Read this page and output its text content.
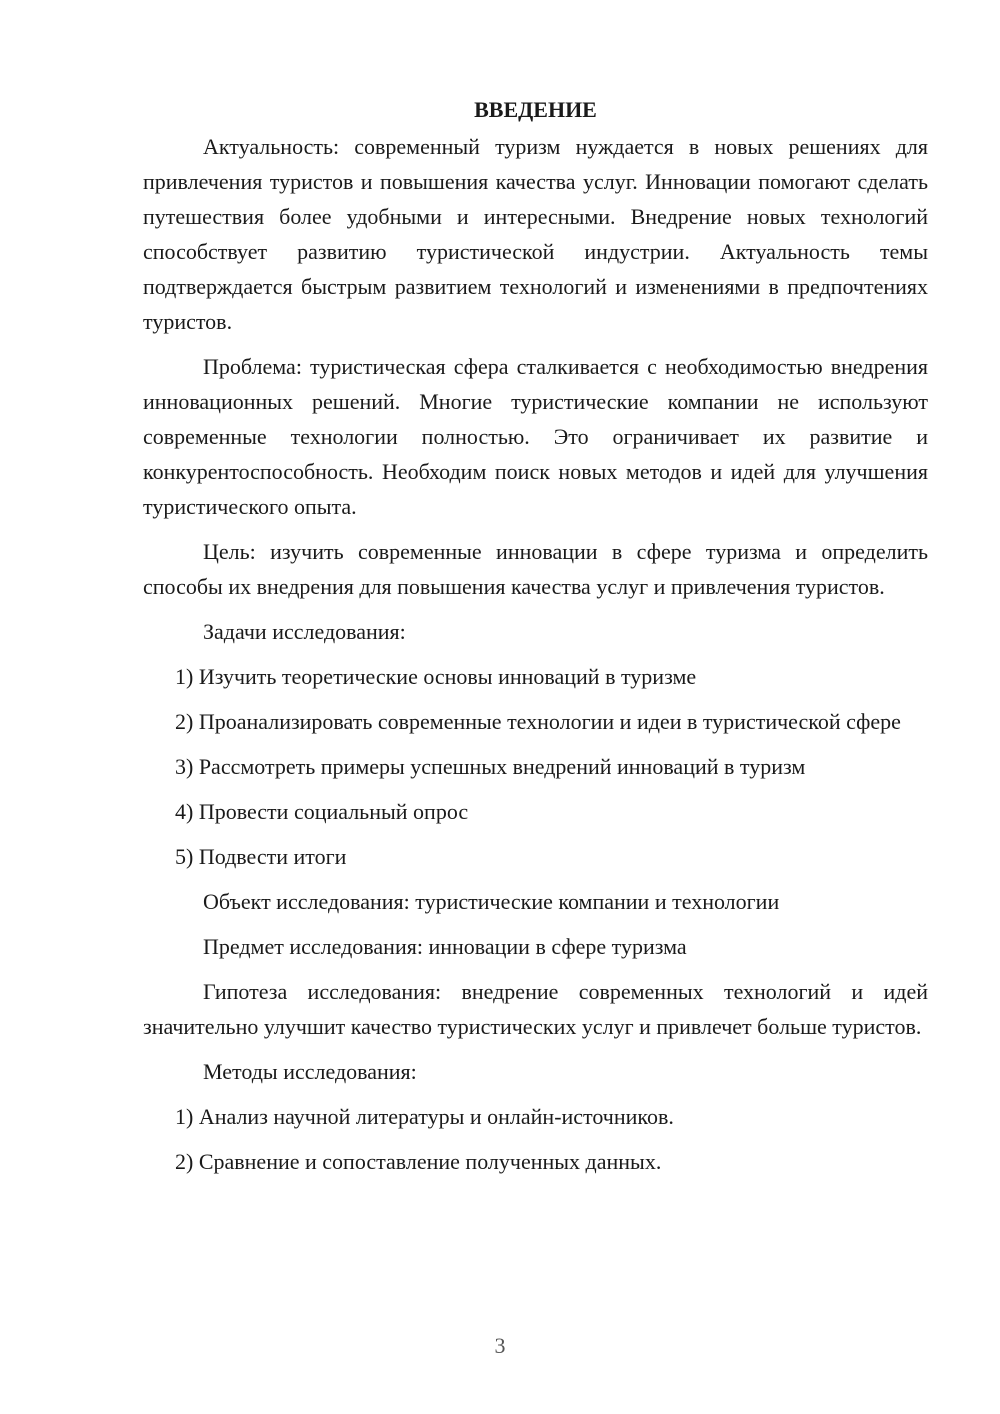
ВВЕДЕНИЕ

Актуальность: современный туризм нуждается в новых решениях для привлечения туристов и повышения качества услуг. Инновации помогают сделать путешествия более удобными и интересными. Внедрение новых технологий способствует развитию туристической индустрии. Актуальность темы подтверждается быстрым развитием технологий и изменениями в предпочтениях туристов.

Проблема: туристическая сфера сталкивается с необходимостью внедрения инновационных решений. Многие туристические компании не используют современные технологии полностью. Это ограничивает их развитие и конкурентоспособность. Необходим поиск новых методов и идей для улучшения туристического опыта.

Цель: изучить современные инновации в сфере туризма и определить способы их внедрения для повышения качества услуг и привлечения туристов.

Задачи исследования:

1) Изучить теоретические основы инноваций в туризме

2) Проанализировать современные технологии и идеи в туристической сфере

3) Рассмотреть примеры успешных внедрений инноваций в туризм

4) Провести социальный опрос

5) Подвести итоги

Объект исследования: туристические компании и технологии

Предмет исследования: инновации в сфере туризма

Гипотеза исследования: внедрение современных технологий и идей значительно улучшит качество туристических услуг и привлечет больше туристов.

Методы исследования:

1) Анализ научной литературы и онлайн-источников.

2) Сравнение и сопоставление полученных данных.

3
